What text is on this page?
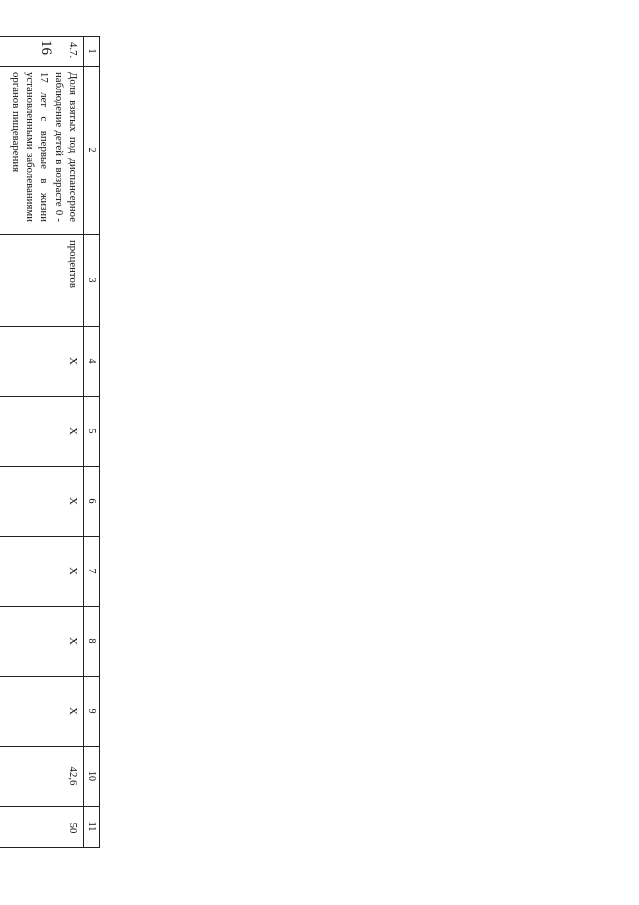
16	1
2
3
4
5
6
7
8
9
10
11
4.7.
Доля взятых под диспансерное наблюдение детей в возрасте 0 - 17 лет с впервые в жизни установленными заболеваниями органов пищеварения
процентов
X
X
X
X
X
X
42,6
50
